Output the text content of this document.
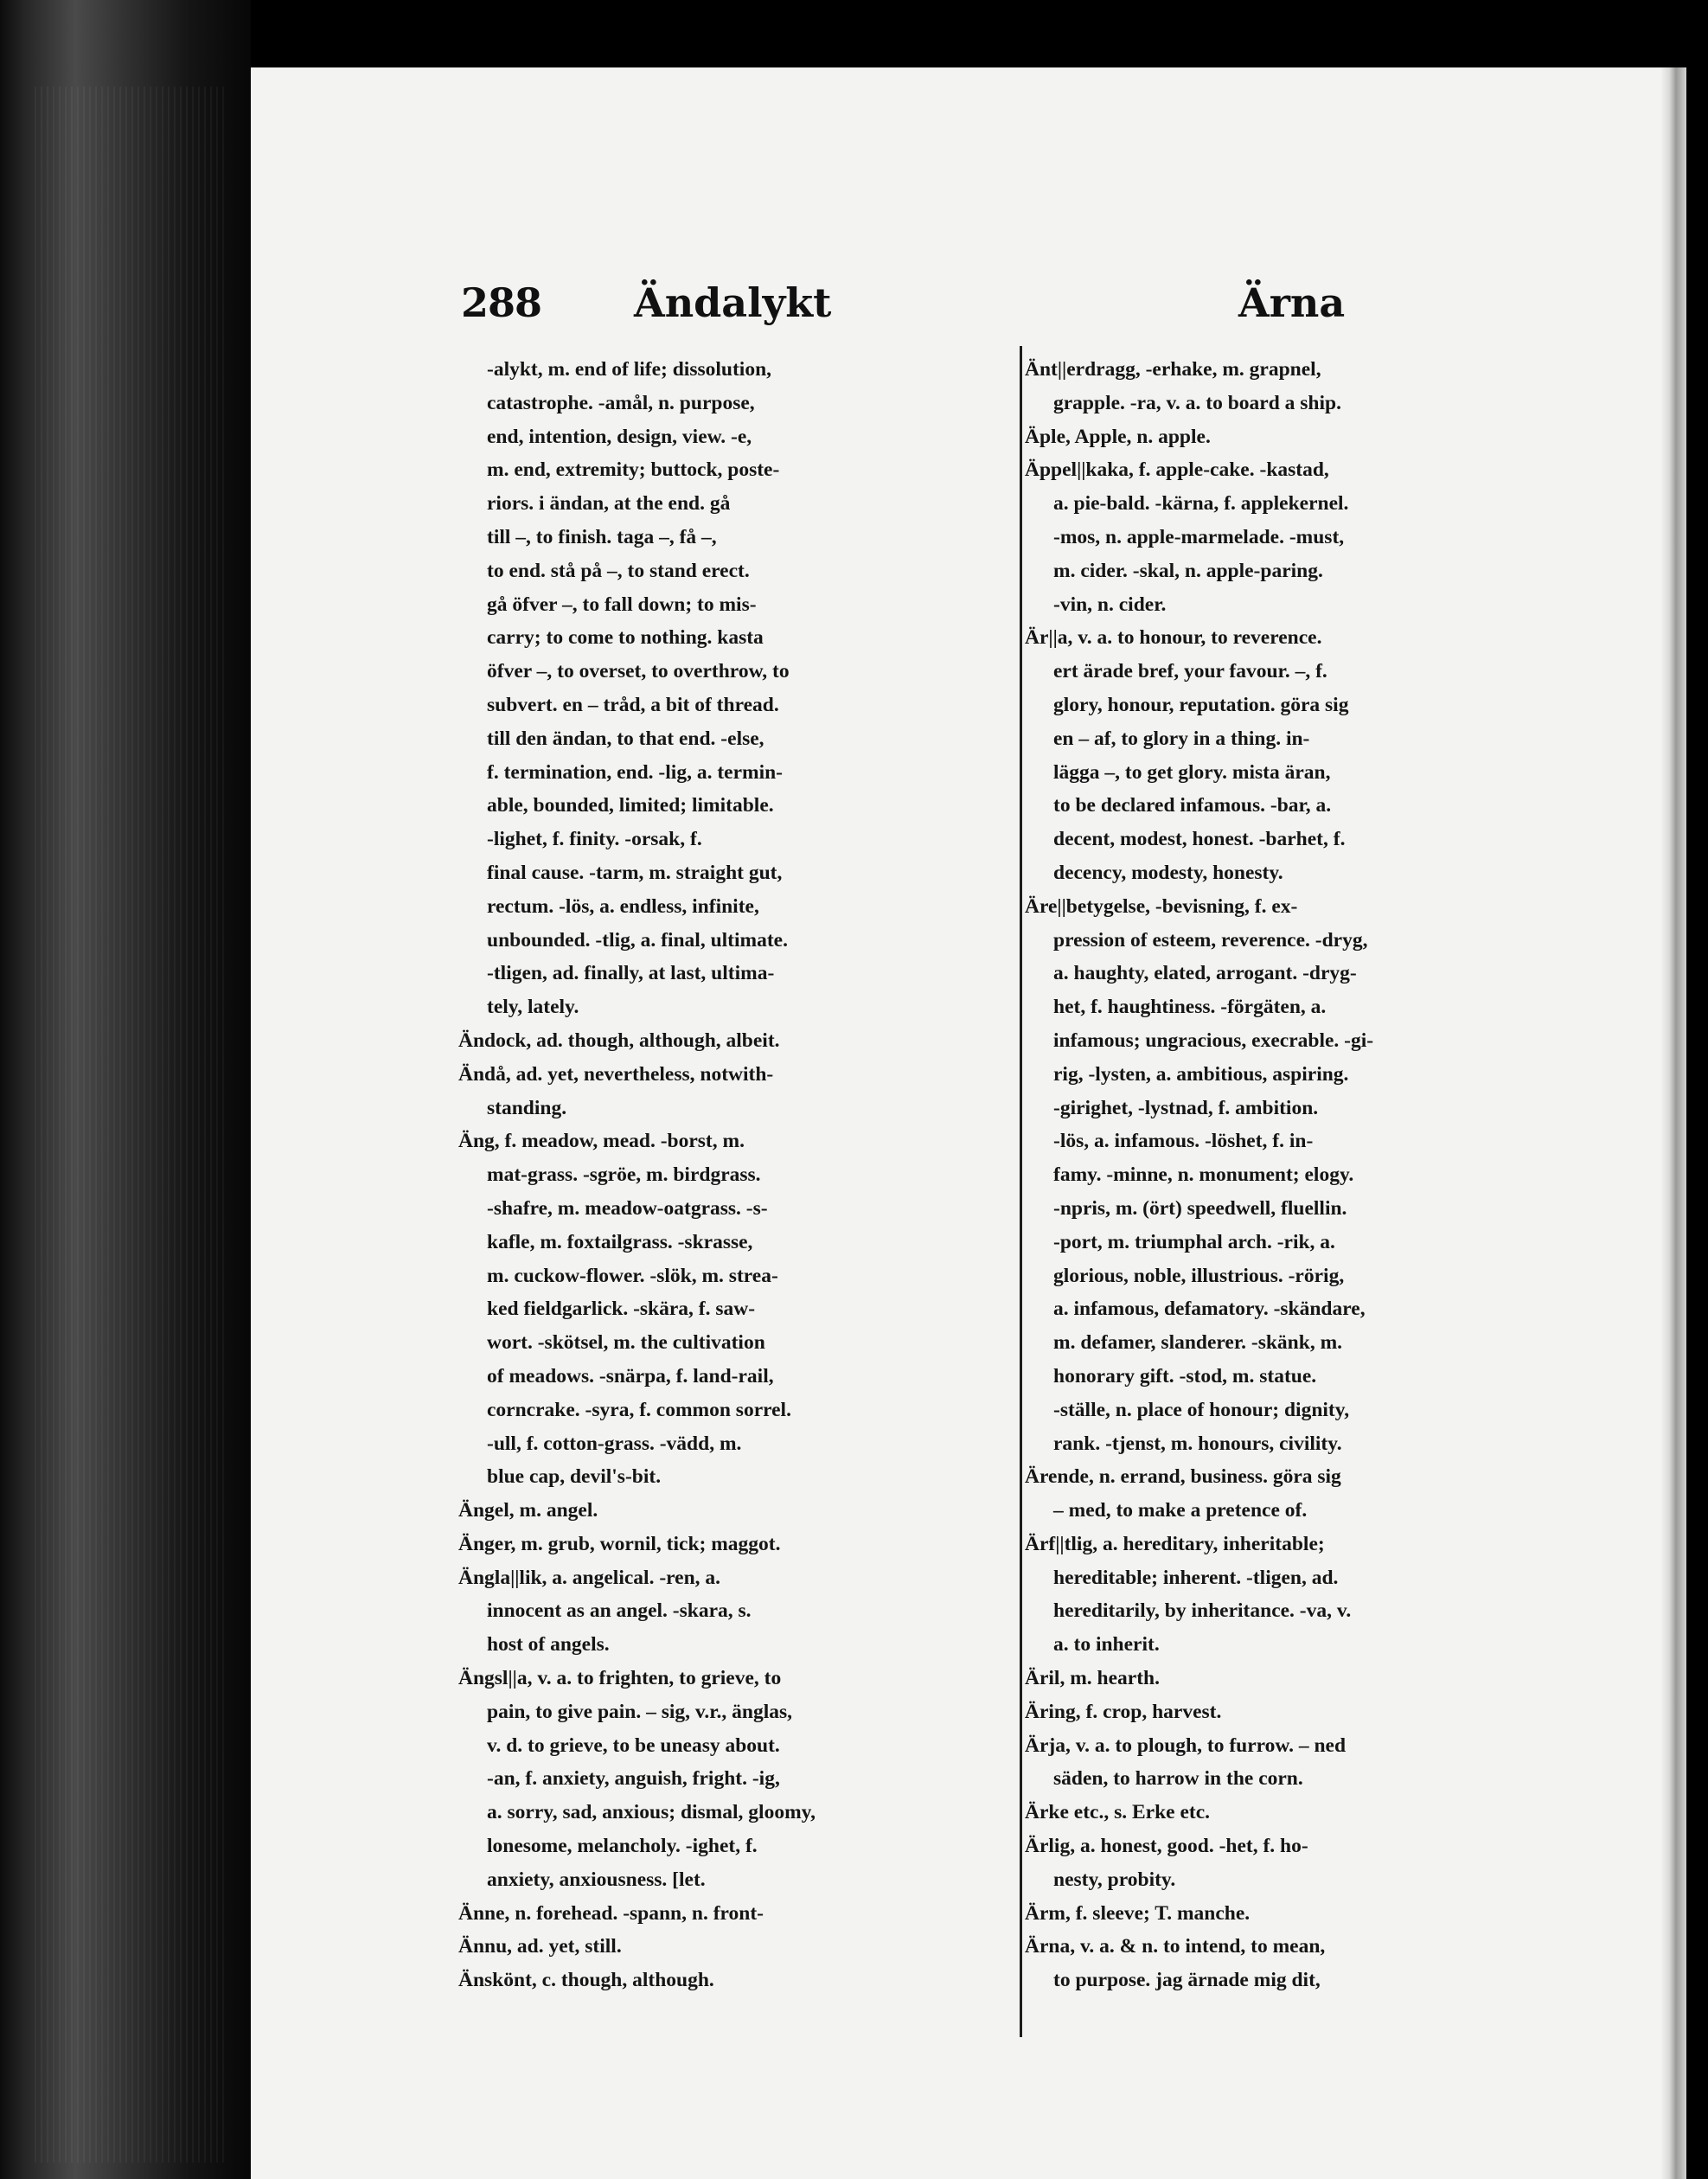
288 Ändalykt	Ärna
-alykt, m. end of life; dissolution,
catastrophe. -amål, n. purpose,
end, intention, design, view. -e,
m. end, extremity; buttock, poste-
riors. i ändan, at the end. gå
till –, to finish. taga –, få –,
to end. stå på –, to stand erect.
gå öfver –, to fall down; to mis-
carry; to come to nothing. kasta
öfver –, to overset, to overthrow, to
subvert. en – tråd, a bit of thread.
till den ändan, to that end. -else,
f. termination, end. -lig, a. termin-
able, bounded, limited; limitable.
-lighet, f. finity. -orsak, f.
final cause. -tarm, m. straight gut,
rectum. -lös, a. endless, infinite,
unbounded. -tlig, a. final, ultimate.
-tligen, ad. finally, at last, ultima-
tely, lately.
Ändock, ad. though, although, albeit.
Ändå, ad. yet, nevertheless, notwith-
standing.
Äng, f. meadow, mead. -borst, m.
mat-grass. -sgröe, m. birdgrass.
-shafre, m. meadow-oatgrass. -s-
kafle, m. foxtailgrass. -skrasse,
m. cuckow-flower. -slök, m. strea-
ked fieldgarlick. -skära, f. saw-
wort. -skötsel, m. the cultivation
of meadows. -snärpa, f. land-rail,
corncrake. -syra, f. common sorrel.
-ull, f. cotton-grass. -vädd, m.
blue cap, devil's-bit.
Ängel, m. angel.
Änger, m. grub, wornil, tick; maggot.
Ängla||lik, a. angelical. -ren, a.
innocent as an angel. -skara, s.
host of angels.
Ängsl||a, v. a. to frighten, to grieve, to
pain, to give pain. – sig, v.r., änglas,
v. d. to grieve, to be uneasy about.
-an, f. anxiety, anguish, fright. -ig,
a. sorry, sad, anxious; dismal, gloomy,
lonesome, melancholy. -ighet, f.
anxiety, anxiousness. [let.
Änne, n. forehead. -spann, n. front-
Ännu, ad. yet, still.
Änskönt, c. though, although.
Änt||erdragg, -erhake, m. grapnel,
grapple. -ra, v. a. to board a ship.
Äple, Apple, n. apple.
Äppel||kaka, f. apple-cake. -kastad,
a. pie-bald. -kärna, f. applekernel.
-mos, n. apple-marmelade. -must,
m. cider. -skal, n. apple-paring.
-vin, n. cider.
Är||a, v. a. to honour, to reverence.
ert ärade bref, your favour. –, f.
glory, honour, reputation. göra sig
en – af, to glory in a thing. in-
lägga –, to get glory. mista äran,
to be declared infamous. -bar, a.
decent, modest, honest. -barhet, f.
decency, modesty, honesty.
Äre||betygelse, -bevisning, f. ex-
pression of esteem, reverence. -dryg,
a. haughty, elated, arrogant. -dryg-
het, f. haughtiness. -förgäten, a.
infamous; ungracious, execrable. -gi-
rig, -lysten, a. ambitious, aspiring.
-girighet, -lystnad, f. ambition.
-lös, a. infamous. -löshet, f. in-
famy. -minne, n. monument; elogy.
-npris, m. (ört) speedwell, fluellin.
-port, m. triumphal arch. -rik, a.
glorious, noble, illustrious. -rörig,
a. infamous, defamatory. -skändare,
m. defamer, slanderer. -skänk, m.
honorary gift. -stod, m. statue.
-ställe, n. place of honour; dignity,
rank. -tjenst, m. honours, civility.
Ärende, n. errand, business. göra sig
– med, to make a pretence of.
Ärf||tlig, a. hereditary, inheritable;
hereditable; inherent. -tligen, ad.
hereditarily, by inheritance. -va, v.
a. to inherit.
Äril, m. hearth.
Äring, f. crop, harvest.
Ärja, v. a. to plough, to furrow. – ned
säden, to harrow in the corn.
Ärke etc., s. Erke etc.
Ärlig, a. honest, good. -het, f. ho-
nesty, probity.
Ärm, f. sleeve; T. manche.
Ärna, v. a. & n. to intend, to mean,
to purpose. jag ärnade mig dit,
